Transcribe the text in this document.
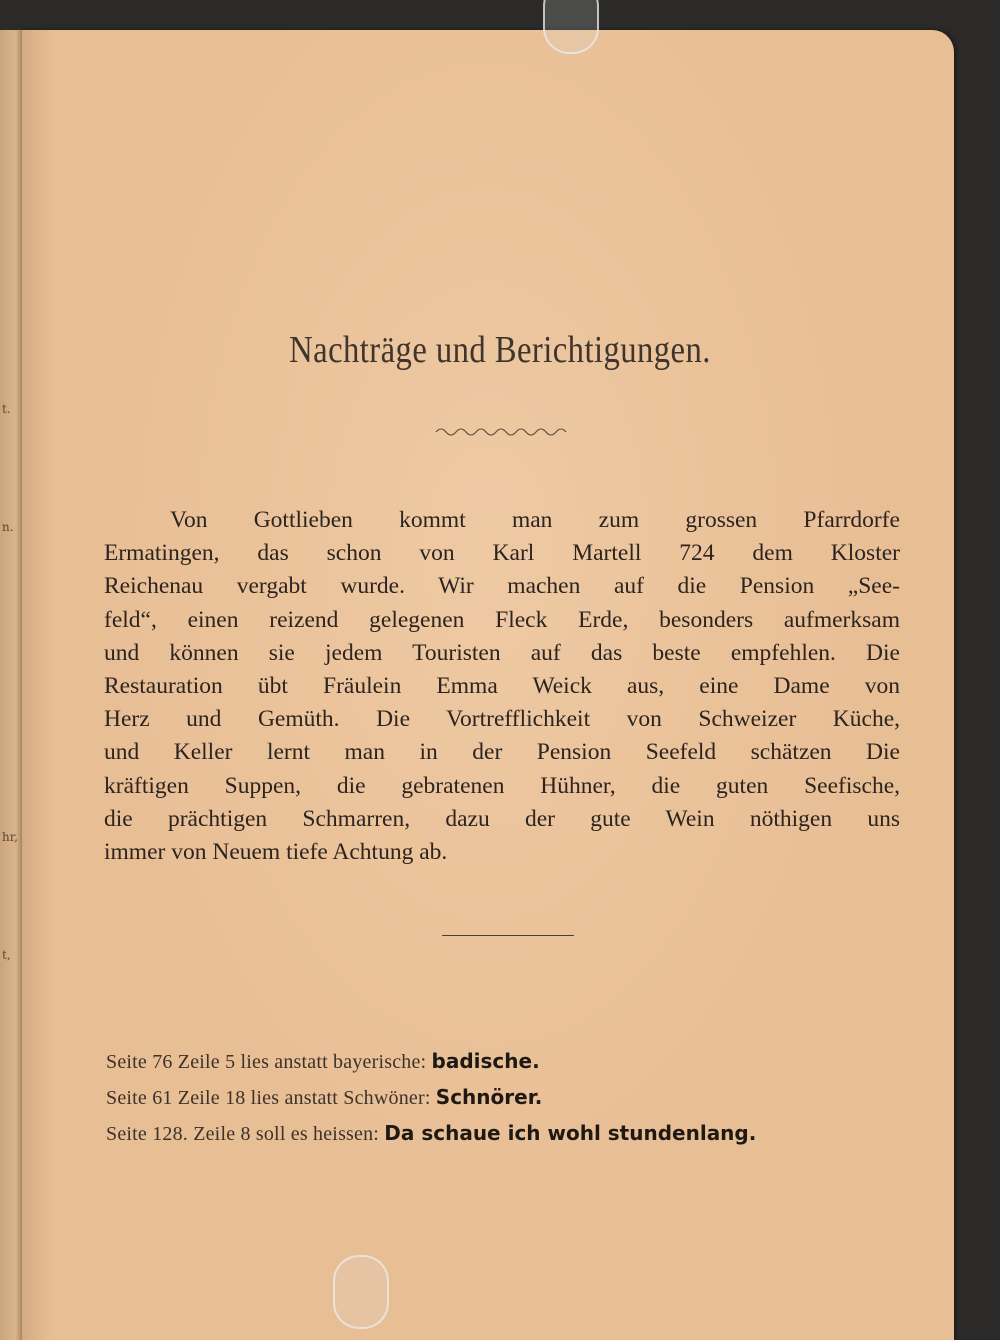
t.
n.
hr,
t,
Nachträge und Berichtigungen.
Von Gottlieben kommt man zum grossen Pfarrdorfe
Ermatingen, das schon von Karl Martell 724 dem Kloster
Reichenau vergabt wurde. Wir machen auf die Pension „See-
feld“, einen reizend gelegenen Fleck Erde, besonders aufmerksam
und können sie jedem Touristen auf das beste empfehlen. Die
Restauration übt Fräulein Emma Weick aus, eine Dame von
Herz und Gemüth. Die Vortrefflichkeit von Schweizer Küche,
und Keller lernt man in der Pension Seefeld schätzen Die
kräftigen Suppen, die gebratenen Hühner, die guten Seefische,
die prächtigen Schmarren, dazu der gute Wein nöthigen uns
immer von Neuem tiefe Achtung ab.
Seite 76 Zeile 5 lies anstatt bayerische: badische.
Seite 61 Zeile 18 lies anstatt Schwöner: Schnörer.
Seite 128. Zeile 8 soll es heissen: Da schaue ich wohl stundenlang.
